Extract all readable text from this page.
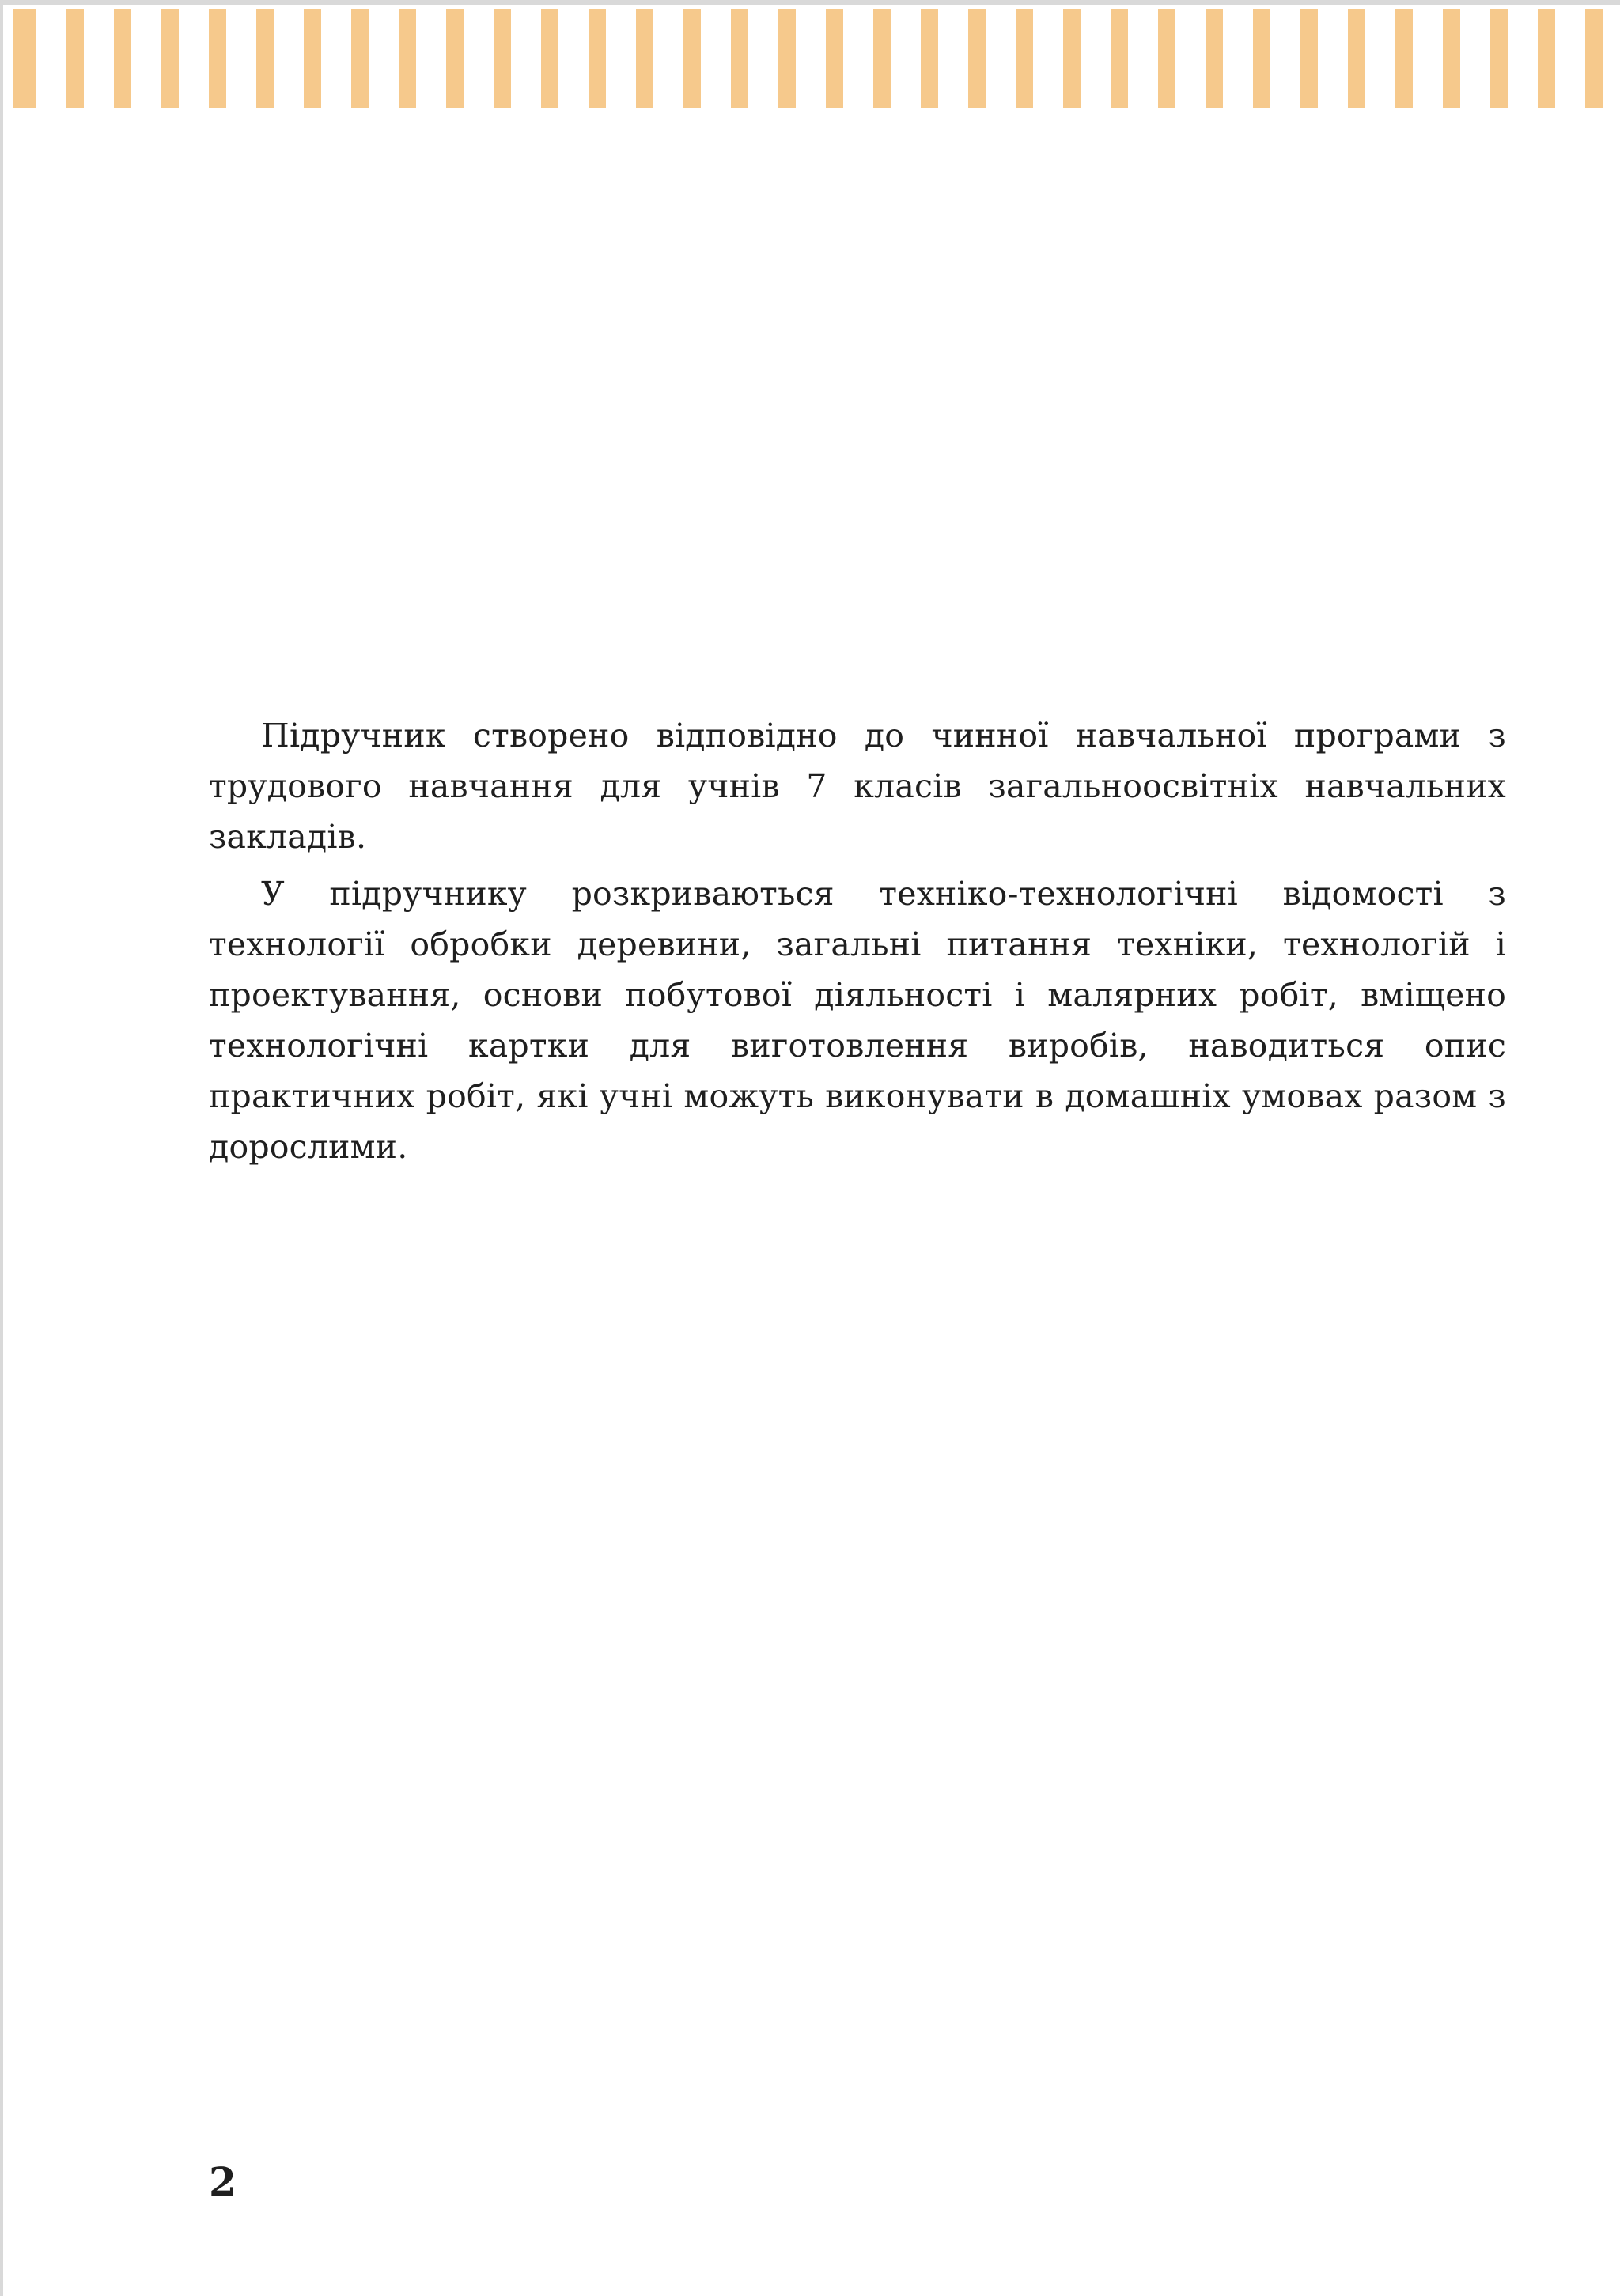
Підручник створено відповідно до чинної навчальної програми з трудового навчання для учнів 7 класів загальноосвітніх навчальних закладів.

У підручнику розкриваються техніко-технологічні відомості з технології обробки деревини, загальні питання техніки, технологій і проектування, основи побутової діяльності і малярних робіт, вміщено технологічні картки для виготовлення виробів, наводиться опис практичних робіт, які учні можуть виконувати в домашніх умовах разом з дорослими.

2
